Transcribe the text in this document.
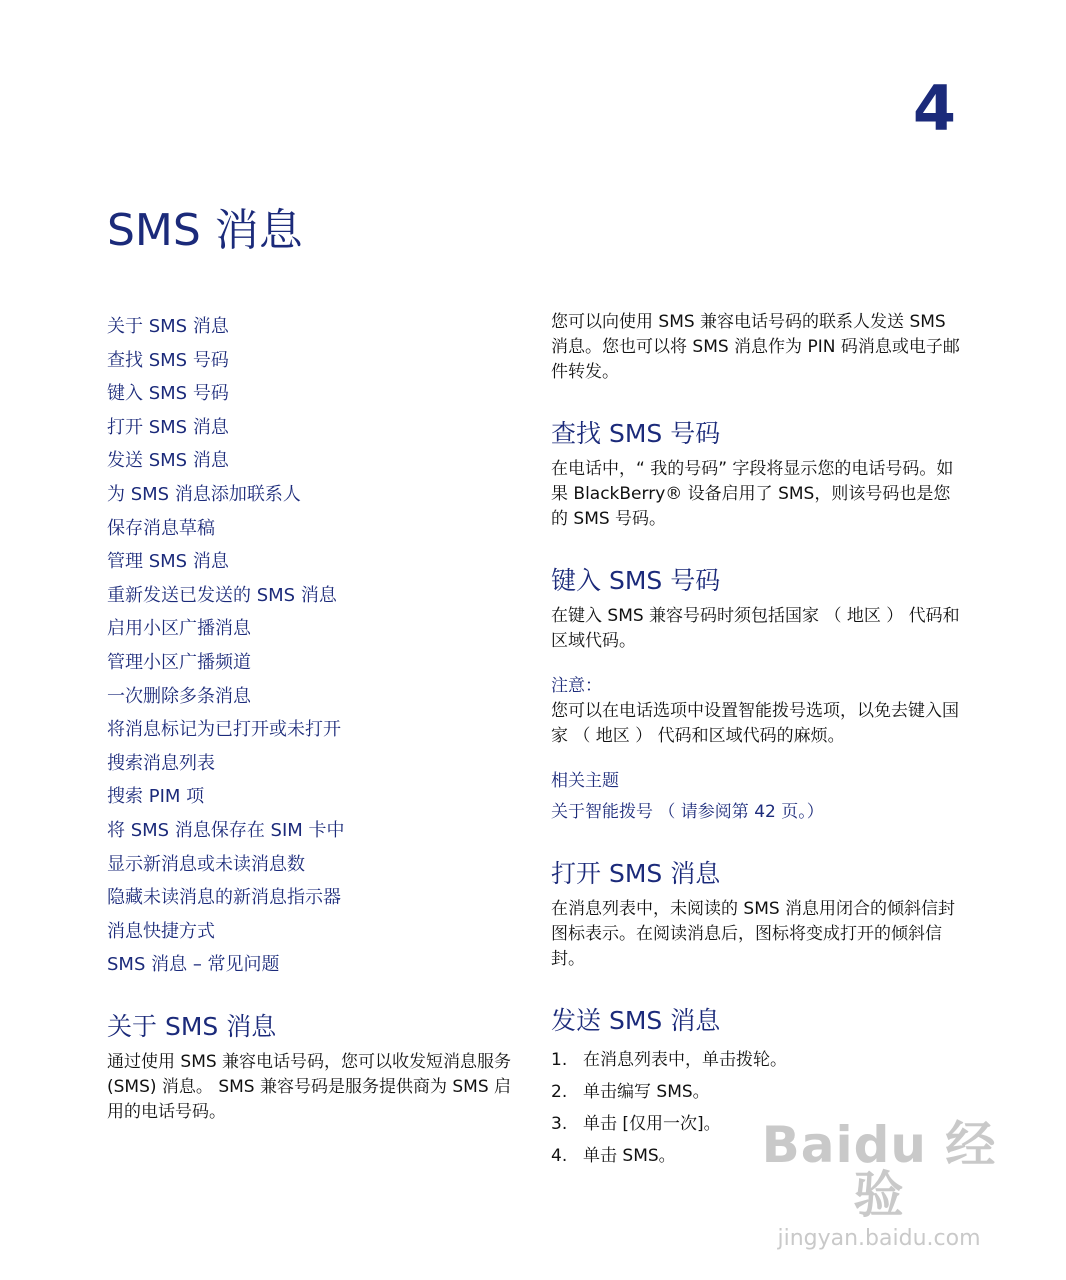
4
SMS 消息
关于 SMS 消息
查找 SMS 号码
键入 SMS 号码
打开 SMS 消息
发送 SMS 消息
为 SMS 消息添加联系人
保存消息草稿
管理 SMS 消息
重新发送已发送的 SMS 消息
启用小区广播消息
管理小区广播频道
一次删除多条消息
将消息标记为已打开或未打开
搜索消息列表
搜索 PIM 项
将 SMS 消息保存在 SIM 卡中
显示新消息或未读消息数
隐藏未读消息的新消息指示器
消息快捷方式
SMS 消息 – 常见问题
关于 SMS 消息

通过使用 SMS 兼容电话号码，您可以收发短消息服务 (SMS) 消息。 SMS 兼容号码是服务提供商为 SMS 启用的电话号码。

您可以向使用 SMS 兼容电话号码的联系人发送 SMS 消息。您也可以将 SMS 消息作为 PIN 码消息或电子邮件转发。

查找 SMS 号码

在电话中，“ 我的号码” 字段将显示您的电话号码。如果 BlackBerry® 设备启用了 SMS，则该号码也是您的 SMS 号码。

键入 SMS 号码

在键入 SMS 兼容号码时须包括国家 （ 地区 ） 代码和区域代码。

注意：

您可以在电话选项中设置智能拨号选项，以免去键入国家 （ 地区 ） 代码和区域代码的麻烦。

相关主题
关于智能拨号 （ 请参阅第 42 页。）
打开 SMS 消息

在消息列表中，未阅读的 SMS 消息用闭合的倾斜信封图标表示。在阅读消息后，图标将变成打开的倾斜信封。

发送 SMS 消息
1. 在消息列表中，单击拨轮。
2. 单击编写 SMS。
3. 单击 [仅用一次]。
4. 单击 SMS。 Baidu 经验
jingyan.baidu.com
